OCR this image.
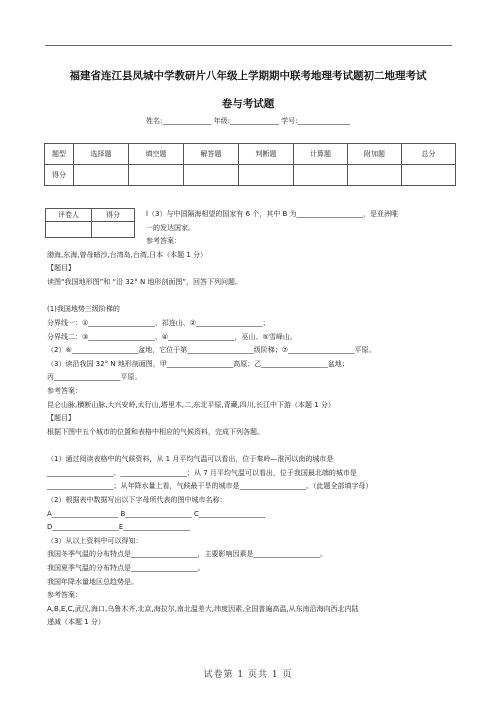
福建省连江县凤城中学教研片八年级上学期期中联考地理考试题初二地理考试
卷与考试题
姓名:______________ 年级:______________ 学号:_______________
题型	选择题	填空题	解答题	判断题	计算题	附加题	总分
得分							
评卷人	得分
		l（3）与中国隔海相望的国家有 6 个，其中 B 为___________________，是亚洲唯
一的发达国家。
参考答案：
渤海,东海,曾母暗沙,台湾岛,台湾,日本（本题 1 分）
【题目】
读图“我国地形图”和 “沿 32° N 地形剖面图”，回答下列问题。
(1)我国地势三级阶梯的
分界线一：①___________________、祁连山、②___________________；
分界线二：③___________________、④___________________，巫山、⑤雪峰山。
（2）⑥___________________盆地，它位于第___________________级阶梯；⑦___________________平原。
（3）读沿我国 32° N 地形剖面图，甲___________________高原；乙___________________盆地；
丙___________________平原。
参考答案：
昆仑山脉,横断山脉,大兴安岭,太行山,塔里木,二,东北平原,青藏,四川,长江中下游（本题 1 分）
【题目】
根据下图中五个城市的位置和表格中相应的气候资料，完成下列各题。
（1）通过阅读表格中的气候资料，从 1 月平均气温可以看出，位于秦岭—淮河以南的城市是
___________________、___________________；从 7 月平均气温可以看出，位于我国最北端的城市是
___________________；从年降水量上看，气候最干旱的城市是___________________。（此题全部填字母）
（2）根据表中数据写出以下字母所代表的图中城市名称：
A___________________ B___________________ C___________________
D___________________E___________________
（3）从以上资料中可以得知：
我国冬季气温的分布特点是___________________，主要影响因素是___________________。
我国夏季气温的分布特点是___________________。
我国年降水量地区总趋势是。
参考答案：
A,B,E,C,武汉,海口,乌鲁木齐,北京,海拉尔,南北温差大,纬度因素,全国普遍高温,从东南沿海向西北内陆
递减（本题 1 分）
试卷第 1 页共 1 页
